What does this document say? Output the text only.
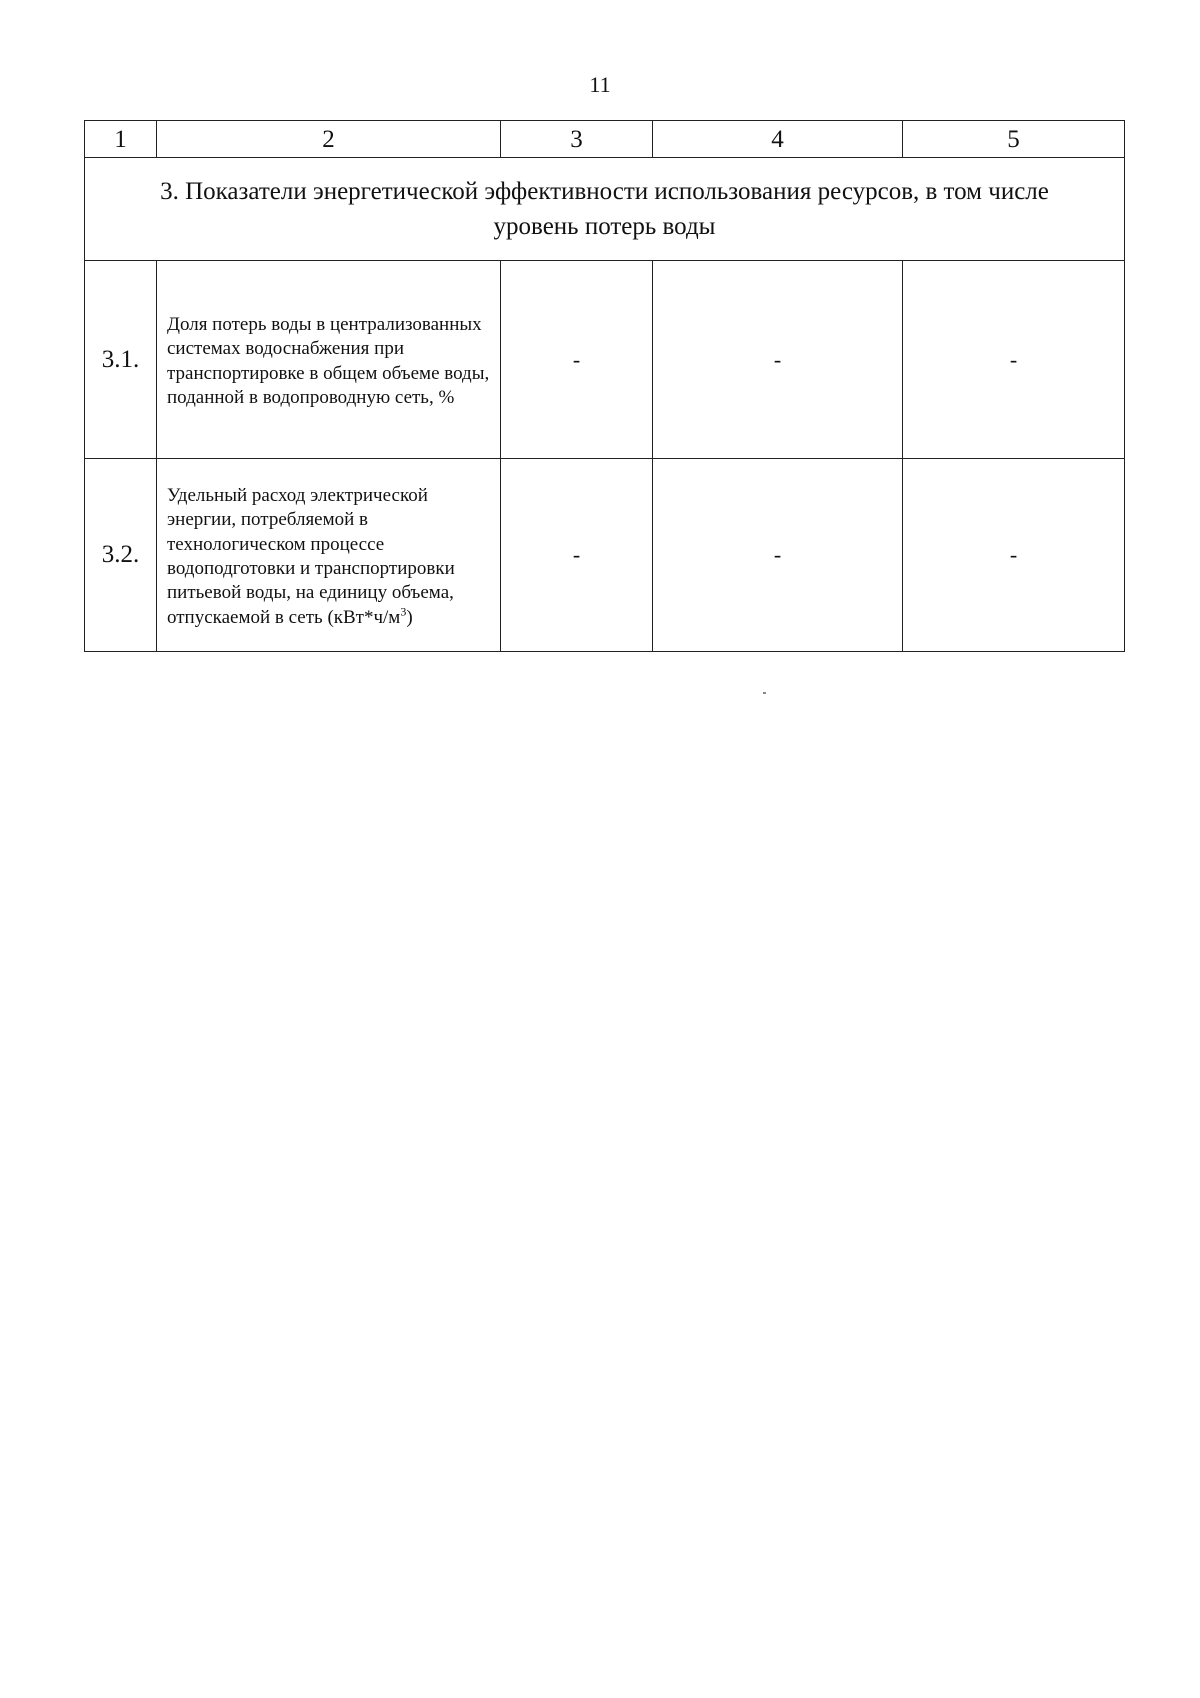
11
1	2	3	4	5
3. Показатели энергетической эффективности использования ресурсов, в том числе уровень потерь воды				
3.1.	Доля потерь воды в централизованных системах водоснабжения при транспортировке в общем объеме воды, поданной в водопроводную сеть, %	-	-	-
3.2.	Удельный расход электрической энергии, потребляемой в технологическом процессе водоподготовки и транспортировки питьевой воды, на единицу объема, отпускаемой в сеть $(кВт*ч/м^3)$	-	-	-
